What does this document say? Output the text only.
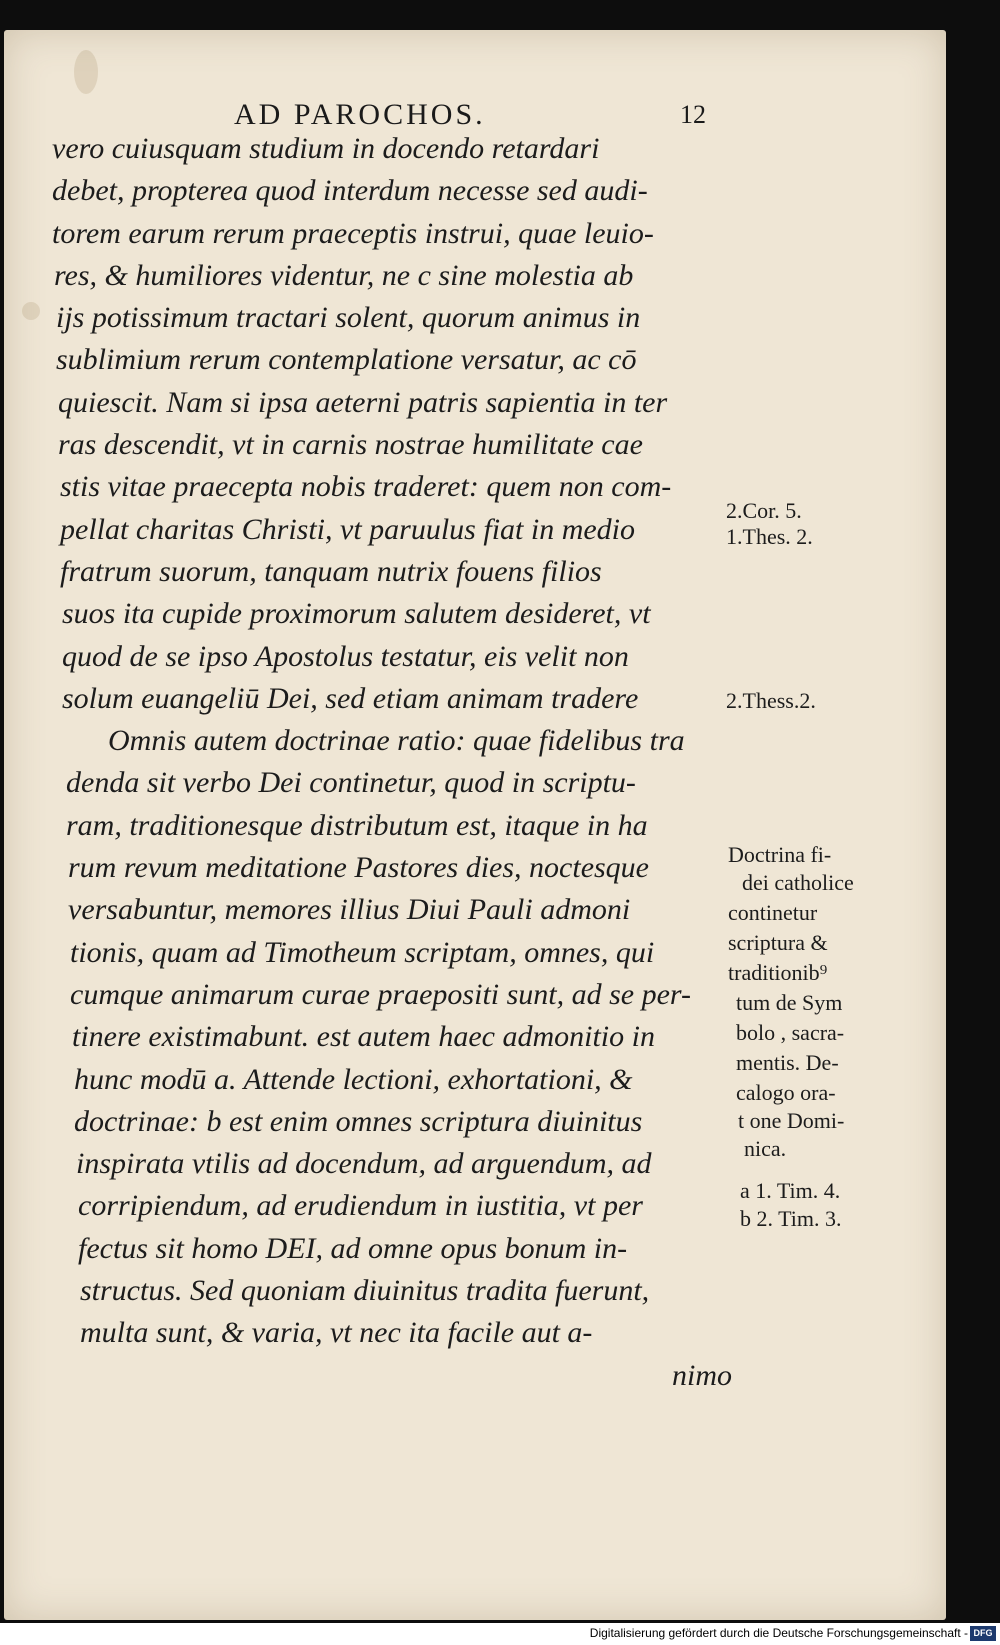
AD PAROCHOS.	12
vero cuiusquam studium in docendo retardari
debet, propterea quod interdum necesse sed audi-
torem earum rerum praeceptis instrui, quae leuio-
res, & humiliores videntur, ne c sine molestia ab
ijs potissimum tractari solent, quorum animus in
sublimium rerum contemplatione versatur, ac cō
quiescit. Nam si ipsa aeterni patris sapientia in ter
ras descendit, vt in carnis nostrae humilitate cae
stis vitae praecepta nobis traderet: quem non com-
pellat charitas Christi, vt paruulus fiat in medio
fratrum suorum, tanquam nutrix fouens filios
suos ita cupide proximorum salutem desideret, vt
quod de se ipso Apostolus testatur, eis velit non
solum euangeliū Dei, sed etiam animam tradere
Omnis autem doctrinae ratio: quae fidelibus tra
denda sit verbo Dei continetur, quod in scriptu-
ram, traditionesque distributum est, itaque in ha
rum revum meditatione Pastores dies, noctesque
versabuntur, memores illius Diui Pauli admoni
tionis, quam ad Timotheum scriptam, omnes, qui
cumque animarum curae praepositi sunt, ad se per-
tinere existimabunt. est autem haec admonitio in
hunc modū a. Attende lectioni, exhortationi, &
doctrinae: b est enim omnes scriptura diuinitus
inspirata vtilis ad docendum, ad arguendum, ad
corripiendum, ad erudiendum in iustitia, vt per
fectus sit homo DEI, ad omne opus bonum in-
structus. Sed quoniam diuinitus tradita fuerunt,
multa sunt, & varia, vt nec ita facile aut a-
nimo
2.Cor. 5.
1.Thes. 2.
2.Thess.2.
Doctrina fi-
dei catholice
continetur
scriptura &
traditionib⁹
tum de Sym
bolo , sacra-
mentis. De-
calogo ora-
t one Domi-
nica.
a 1. Tim. 4.
b 2. Tim. 3.
Digitalisierung gefördert durch die Deutsche Forschungsgemeinschaft - DFG
